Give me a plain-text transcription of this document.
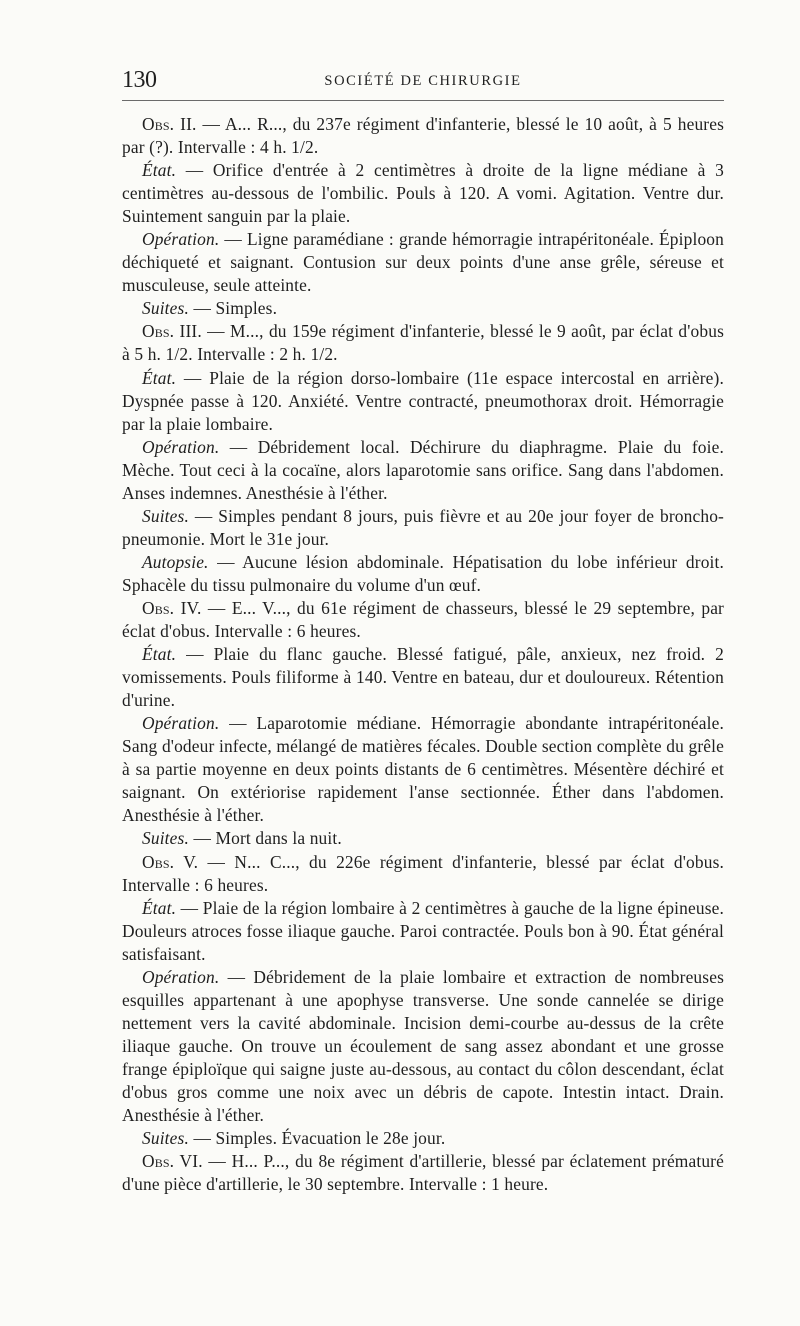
130	SOCIÉTÉ DE CHIRURGIE

Obs. II. — A... R..., du 237e régiment d'infanterie, blessé le 10 août, à 5 heures par (?). Intervalle : 4 h. 1/2.

État. — Orifice d'entrée à 2 centimètres à droite de la ligne médiane à 3 centimètres au-dessous de l'ombilic. Pouls à 120. A vomi. Agitation. Ventre dur. Suintement sanguin par la plaie.

Opération. — Ligne paramédiane : grande hémorragie intrapéritonéale. Épiploon déchiqueté et saignant. Contusion sur deux points d'une anse grêle, séreuse et musculeuse, seule atteinte.

Suites. — Simples.

Obs. III. — M..., du 159e régiment d'infanterie, blessé le 9 août, par éclat d'obus à 5 h. 1/2. Intervalle : 2 h. 1/2.

État. — Plaie de la région dorso-lombaire (11e espace intercostal en arrière). Dyspnée passe à 120. Anxiété. Ventre contracté, pneumothorax droit. Hémorragie par la plaie lombaire.

Opération. — Débridement local. Déchirure du diaphragme. Plaie du foie. Mèche. Tout ceci à la cocaïne, alors laparotomie sans orifice. Sang dans l'abdomen. Anses indemnes. Anesthésie à l'éther.

Suites. — Simples pendant 8 jours, puis fièvre et au 20e jour foyer de broncho-pneumonie. Mort le 31e jour.

Autopsie. — Aucune lésion abdominale. Hépatisation du lobe inférieur droit. Sphacèle du tissu pulmonaire du volume d'un œuf.

Obs. IV. — E... V..., du 61e régiment de chasseurs, blessé le 29 septembre, par éclat d'obus. Intervalle : 6 heures.

État. — Plaie du flanc gauche. Blessé fatigué, pâle, anxieux, nez froid. 2 vomissements. Pouls filiforme à 140. Ventre en bateau, dur et douloureux. Rétention d'urine.

Opération. — Laparotomie médiane. Hémorragie abondante intrapéritonéale. Sang d'odeur infecte, mélangé de matières fécales. Double section complète du grêle à sa partie moyenne en deux points distants de 6 centimètres. Mésentère déchiré et saignant. On extériorise rapidement l'anse sectionnée. Éther dans l'abdomen. Anesthésie à l'éther.

Suites. — Mort dans la nuit.

Obs. V. — N... C..., du 226e régiment d'infanterie, blessé par éclat d'obus. Intervalle : 6 heures.

État. — Plaie de la région lombaire à 2 centimètres à gauche de la ligne épineuse. Douleurs atroces fosse iliaque gauche. Paroi contractée. Pouls bon à 90. État général satisfaisant.

Opération. — Débridement de la plaie lombaire et extraction de nombreuses esquilles appartenant à une apophyse transverse. Une sonde cannelée se dirige nettement vers la cavité abdominale. Incision demi-courbe au-dessus de la crête iliaque gauche. On trouve un écoulement de sang assez abondant et une grosse frange épiploïque qui saigne juste au-dessous, au contact du côlon descendant, éclat d'obus gros comme une noix avec un débris de capote. Intestin intact. Drain. Anesthésie à l'éther.

Suites. — Simples. Évacuation le 28e jour.

Obs. VI. — H... P..., du 8e régiment d'artillerie, blessé par éclatement prématuré d'une pièce d'artillerie, le 30 septembre. Intervalle : 1 heure.
